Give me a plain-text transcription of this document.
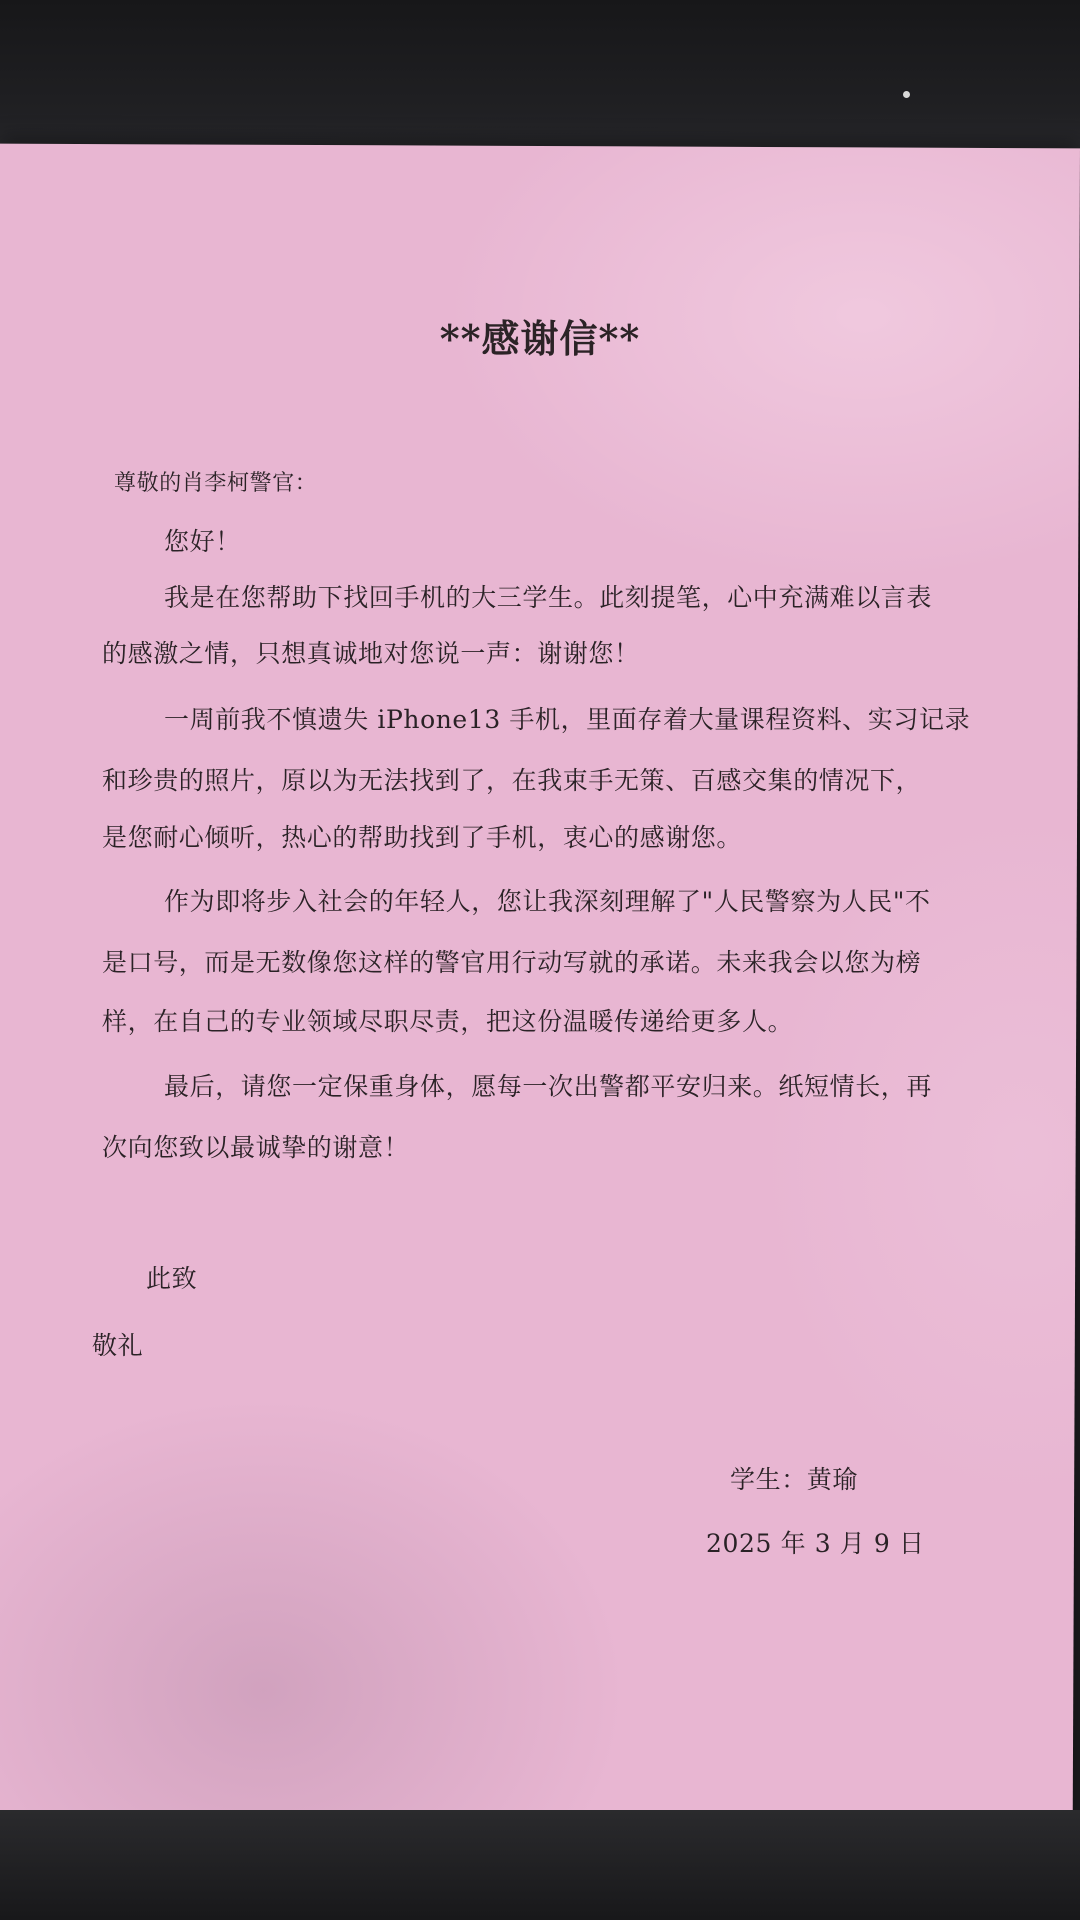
**感谢信**
尊敬的肖李柯警官：
您好！
我是在您帮助下找回手机的大三学生。此刻提笔，心中充满难以言表
的感激之情，只想真诚地对您说一声：谢谢您！
一周前我不慎遗失 iPhone13 手机，里面存着大量课程资料、实习记录
和珍贵的照片，原以为无法找到了，在我束手无策、百感交集的情况下，
是您耐心倾听，热心的帮助找到了手机，衷心的感谢您。
作为即将步入社会的年轻人，您让我深刻理解了"人民警察为人民"不
是口号，而是无数像您这样的警官用行动写就的承诺。未来我会以您为榜
样，在自己的专业领域尽职尽责，把这份温暖传递给更多人。
最后，请您一定保重身体，愿每一次出警都平安归来。纸短情长，再
次向您致以最诚挚的谢意！
此致
敬礼
学生：黄瑜
2025 年 3 月 9 日
